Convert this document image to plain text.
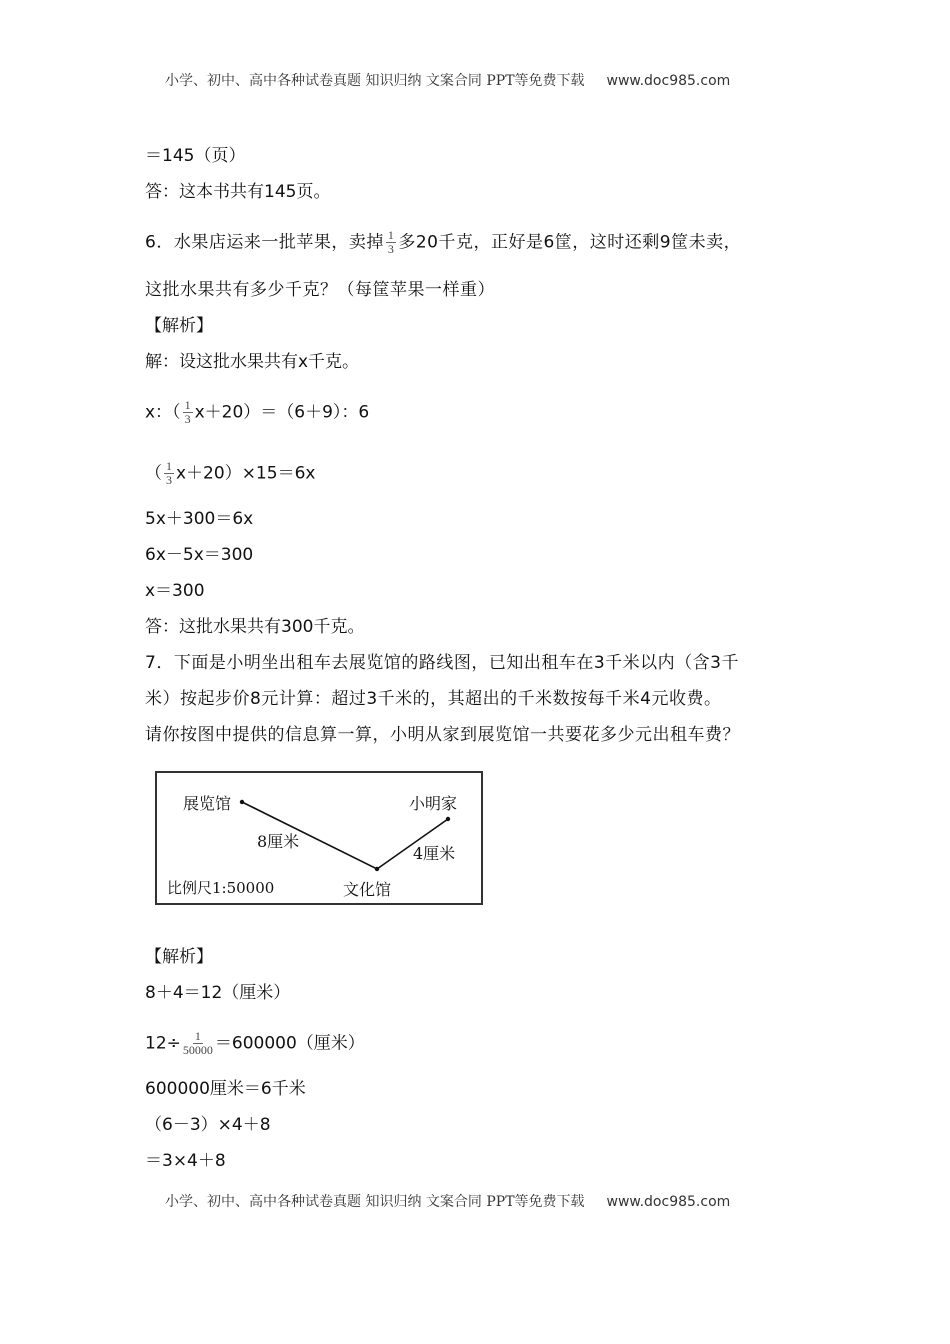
小学、初中、高中各种试卷真题 知识归纳 文案合同 PPT等免费下载 www.doc985.com
＝145（页）
答：这本书共有145页。
6．水果店运来一批苹果，卖掉 $\frac{1}{3}$ 多20千克，正好是6筐，这时还剩9筐未卖，
这批水果共有多少千克？（每筐苹果一样重）
【解析】
解：设这批水果共有x千克。
x：（ $\frac{1}{3} x+20)=(6+9)$：6
（ $\frac{1}{3} x+20)\times 15=6x$
5x＋300＝6x
6x－5x＝300
x＝300
答：这批水果共有300千克。
7．下面是小明坐出租车去展览馆的路线图，已知出租车在3千米以内（含3千
米）按起步价8元计算：超过3千米的，其超出的千米数按每千米4元收费。
请你按图中提供的信息算一算，小明从家到展览馆一共要花多少元出租车费？
展览馆	小明家
文化馆
8厘米
4厘米
比例尺1:50000
【解析】
8＋4＝12（厘米）
$12\div \frac{1}{50000} =600000$（厘米）
600000厘米＝6千米
（6－3）×4＋8
＝3×4＋8
小学、初中、高中各种试卷真题 知识归纳 文案合同 PPT等免费下载 www.doc985.com
